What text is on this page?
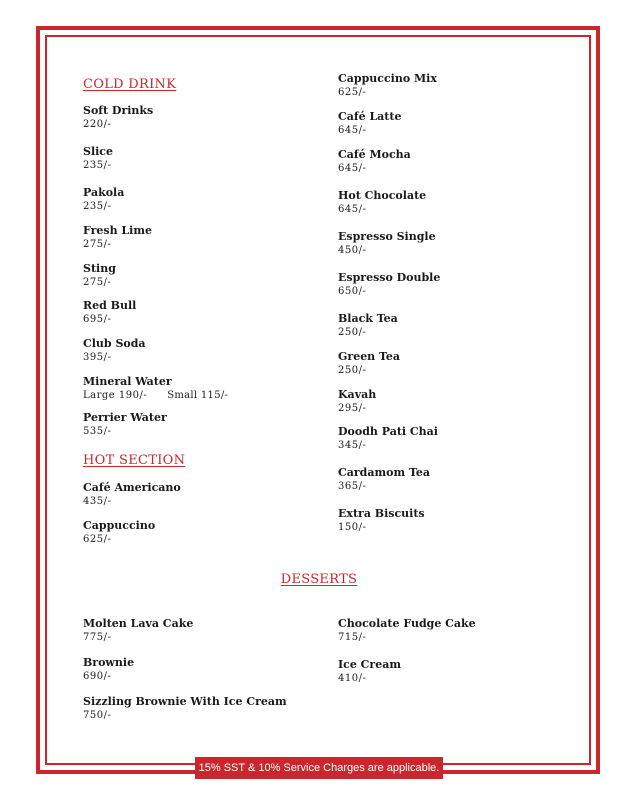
COLD DRINK
Soft Drinks
220/-
Slice
235/-
Pakola
235/-
Fresh Lime
275/-
Sting
275/-
Red Bull
695/-
Club Soda
395/-
Mineral Water
Large 190/- Small 115/-
Perrier Water
535/-
HOT SECTION
Café Americano
435/-
Cappuccino
625/-
Cappuccino Mix
625/-
Café Latte
645/-
Café Mocha
645/-
Hot Chocolate
645/-
Espresso Single
450/-
Espresso Double
650/-
Black Tea
250/-
Green Tea
250/-
Kavah
295/-
Doodh Pati Chai
345/-
Cardamom Tea
365/-
Extra Biscuits
150/-
DESSERTS
Molten Lava Cake
775/-
Brownie
690/-
Sizzling Brownie With Ice Cream
750/-
Chocolate Fudge Cake
715/-
Ice Cream
410/-
15% SST & 10% Service Charges are applicable.
